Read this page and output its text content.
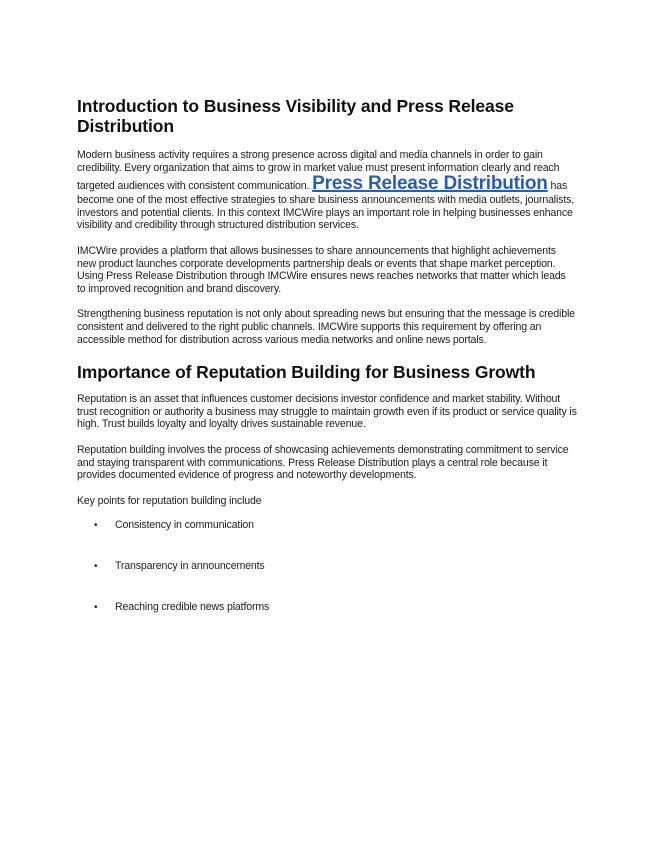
Introduction to Business Visibility and Press Release Distribution

Modern business activity requires a strong presence across digital and media channels in order to gain credibility. Every organization that aims to grow in market value must present information clearly and reach targeted audiences with consistent communication. Press Release Distribution has become one of the most effective strategies to share business announcements with media outlets, journalists, investors and potential clients. In this context IMCWire plays an important role in helping businesses enhance visibility and credibility through structured distribution services.

IMCWire provides a platform that allows businesses to share announcements that highlight achievements new product launches corporate developments partnership deals or events that shape market perception. Using Press Release Distribution through IMCWire ensures news reaches networks that matter which leads to improved recognition and brand discovery.

Strengthening business reputation is not only about spreading news but ensuring that the message is credible consistent and delivered to the right public channels. IMCWire supports this requirement by offering an accessible method for distribution across various media networks and online news portals.

Importance of Reputation Building for Business Growth

Reputation is an asset that influences customer decisions investor confidence and market stability. Without trust recognition or authority a business may struggle to maintain growth even if its product or service quality is high. Trust builds loyalty and loyalty drives sustainable revenue.

Reputation building involves the process of showcasing achievements demonstrating commitment to service and staying transparent with communications. Press Release Distribution plays a central role because it provides documented evidence of progress and noteworthy developments.

Key points for reputation building include

• Consistency in communication
• Transparency in announcements
• Reaching credible news platforms
